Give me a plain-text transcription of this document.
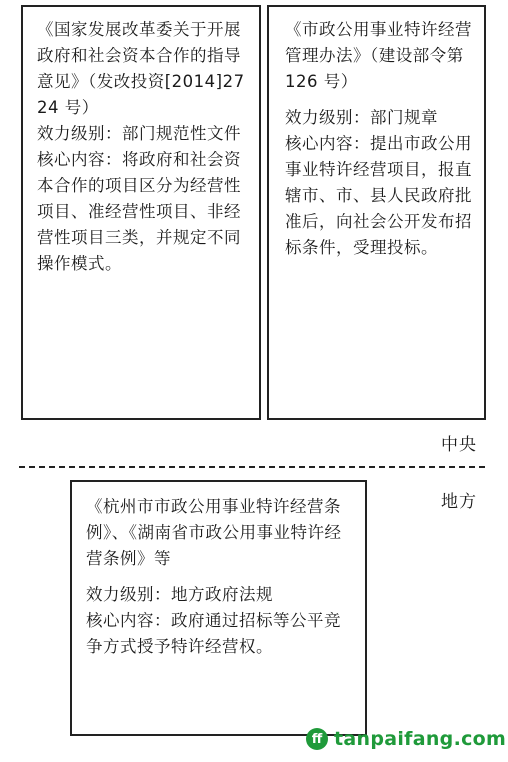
《国家发展改革委关于开展政府和社会资本合作的指导意见》（发改投资[2014]2724 号）

效力级别：部门规范性文件

核心内容：将政府和社会资本合作的项目区分为经营性项目、准经营性项目、非经营性项目三类，并规定不同操作模式。

《市政公用事业特许经营管理办法》（建设部令第 126 号）

效力级别：部门规章

核心内容：提出市政公用事业特许经营项目，报直辖市、市、县人民政府批准后，向社会公开发布招标条件，受理投标。

中央
地方

《杭州市市政公用事业特许经营条例》、《湖南省市政公用事业特许经营条例》等

效力级别：地方政府法规

核心内容：政府通过招标等公平竞争方式授予特许经营权。

ff tanpaifang.com
